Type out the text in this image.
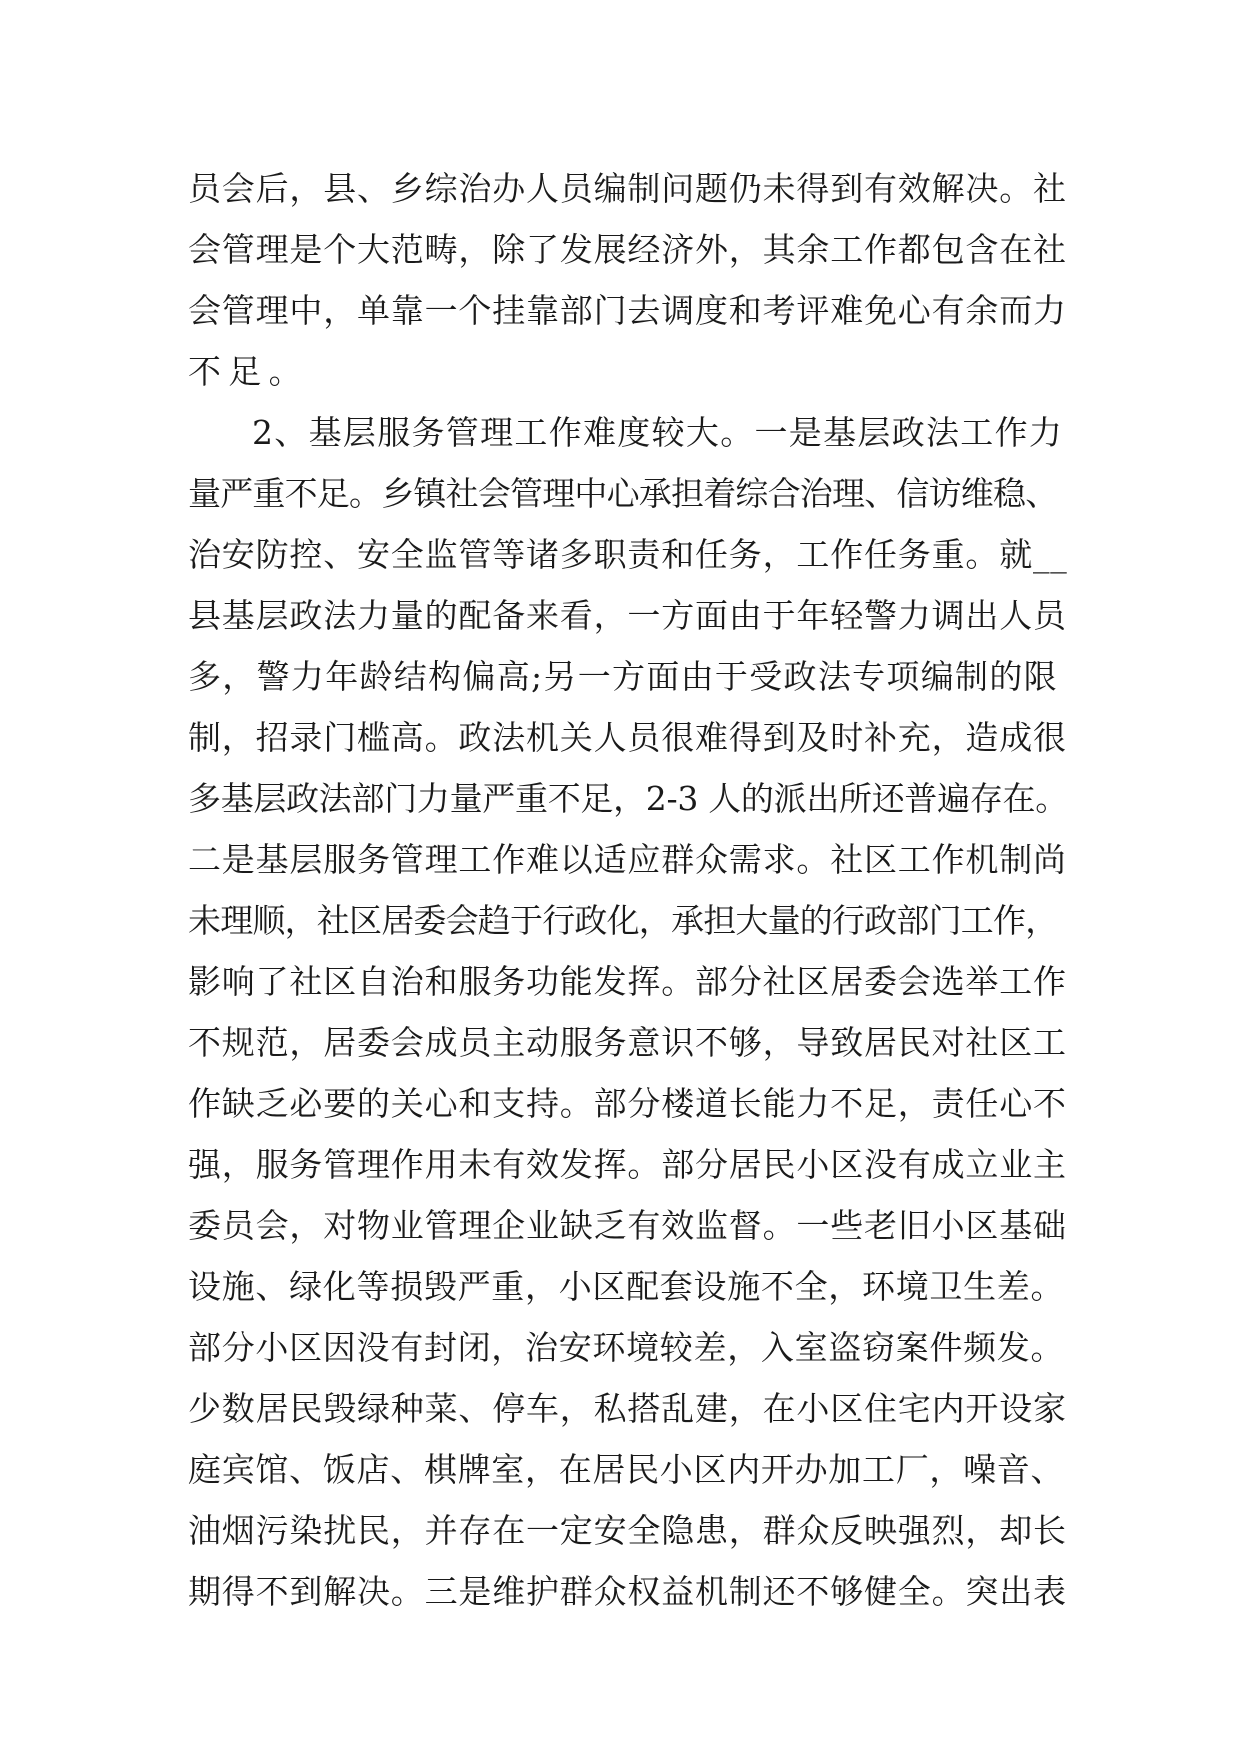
员会后，县、乡综治办人员编制问题仍未得到有效解决。社
会管理是个大范畴，除了发展经济外，其余工作都包含在社
会管理中，单靠一个挂靠部门去调度和考评难免心有余而力
不足。
2、基层服务管理工作难度较大。一是基层政法工作力
量严重不足。乡镇社会管理中心承担着综合治理、信访维稳、
治安防控、安全监管等诸多职责和任务，工作任务重。就__
县基层政法力量的配备来看，一方面由于年轻警力调出人员
多，警力年龄结构偏高;另一方面由于受政法专项编制的限
制，招录门槛高。政法机关人员很难得到及时补充，造成很
多基层政法部门力量严重不足，2-3 人的派出所还普遍存在。
二是基层服务管理工作难以适应群众需求。社区工作机制尚
未理顺，社区居委会趋于行政化，承担大量的行政部门工作，
影响了社区自治和服务功能发挥。部分社区居委会选举工作
不规范，居委会成员主动服务意识不够，导致居民对社区工
作缺乏必要的关心和支持。部分楼道长能力不足，责任心不
强，服务管理作用未有效发挥。部分居民小区没有成立业主
委员会，对物业管理企业缺乏有效监督。一些老旧小区基础
设施、绿化等损毁严重，小区配套设施不全，环境卫生差。
部分小区因没有封闭，治安环境较差，入室盗窃案件频发。
少数居民毁绿种菜、停车，私搭乱建，在小区住宅内开设家
庭宾馆、饭店、棋牌室，在居民小区内开办加工厂，噪音、
油烟污染扰民，并存在一定安全隐患，群众反映强烈，却长
期得不到解决。三是维护群众权益机制还不够健全。突出表
